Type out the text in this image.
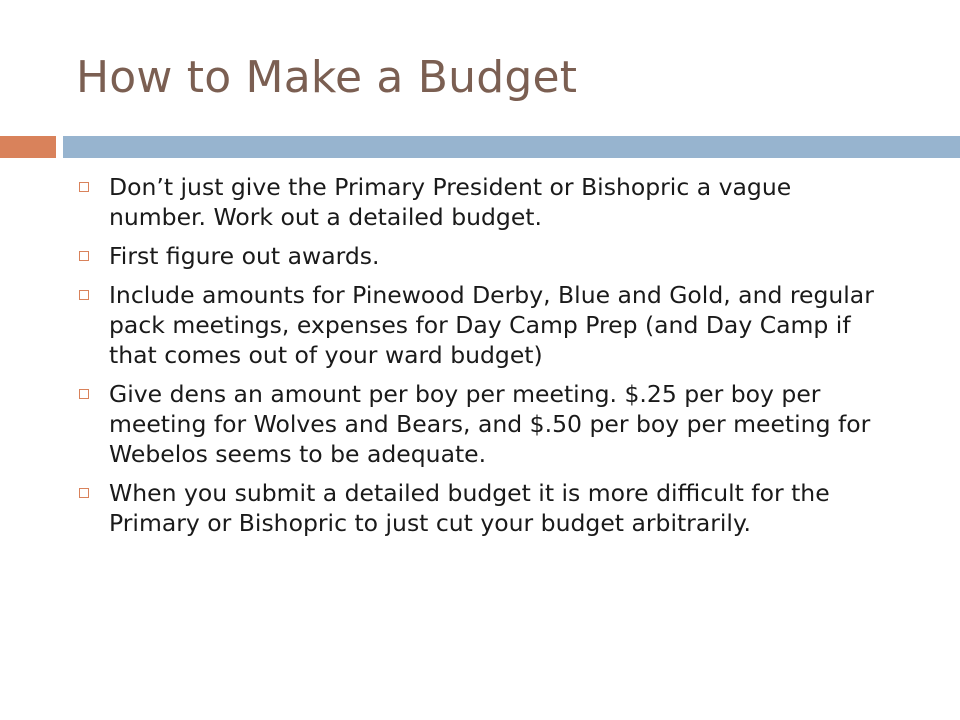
How to Make a Budget
Don’t just give the Primary President or Bishopric a vague number. Work out a detailed budget.
First figure out awards.
Include amounts for Pinewood Derby, Blue and Gold, and regular pack meetings, expenses for Day Camp Prep (and Day Camp if that comes out of your ward budget)
Give dens an amount per boy per meeting. $.25 per boy per meeting for Wolves and Bears, and $.50 per boy per meeting for Webelos seems to be adequate.
When you submit a detailed budget it is more difficult for the Primary or Bishopric to just cut your budget arbitrarily.
